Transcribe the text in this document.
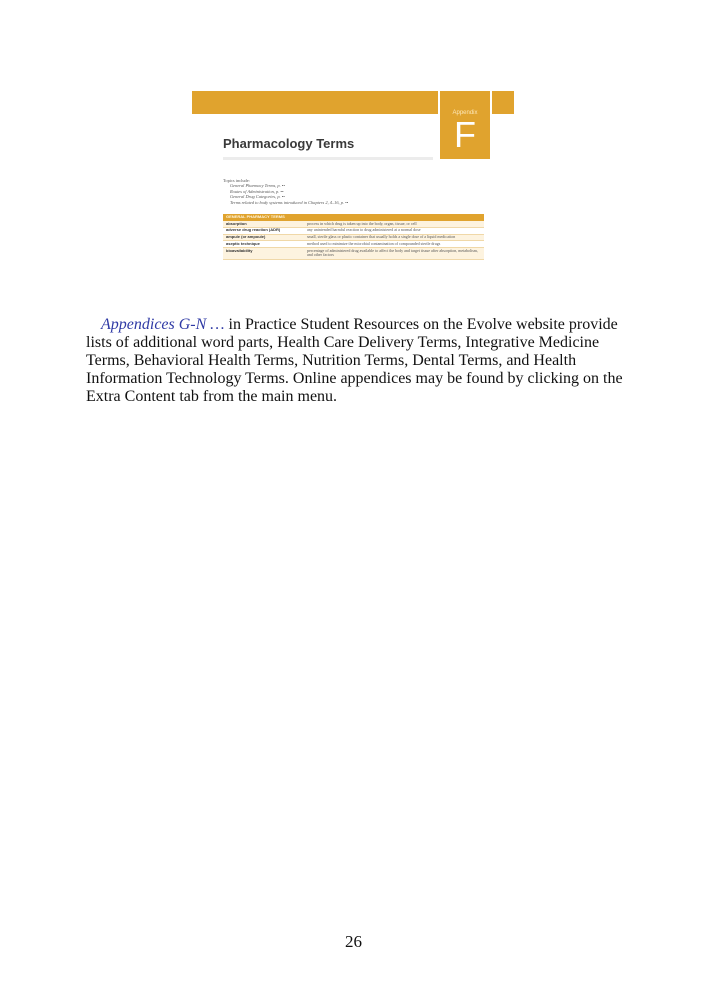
Appendix
F
Pharmacology Terms
Topics include:
General Pharmacy Terms, p. ••
Routes of Administration, p. ••
General Drug Categories, p. ••
Terms related to body systems introduced in Chapters 2, 4–16, p. ••
GENERAL PHARMACY TERMS	
absorption	process in which drug is taken up into the body, organ, tissue, or cell
adverse drug reaction (ADR)	any unintended harmful reaction to drug administered at a normal dose
ampule (or ampoule)	small, sterile glass or plastic container that usually holds a single dose of a liquid medication
aseptic technique	method used to minimize the microbial contamination of compounded sterile drugs
bioavailability	percentage of administered drug available to affect the body and target tissue after absorption, metabolism, and other factors

Appendices G-N … in Practice Student Resources on the Evolve website provide lists of additional word parts, Health Care Delivery Terms, Integrative Medicine Terms, Behavioral Health Terms, Nutrition Terms, Dental Terms, and Health Information Technology Terms. Online appendices may be found by clicking on the Extra Content tab from the main menu.

26
